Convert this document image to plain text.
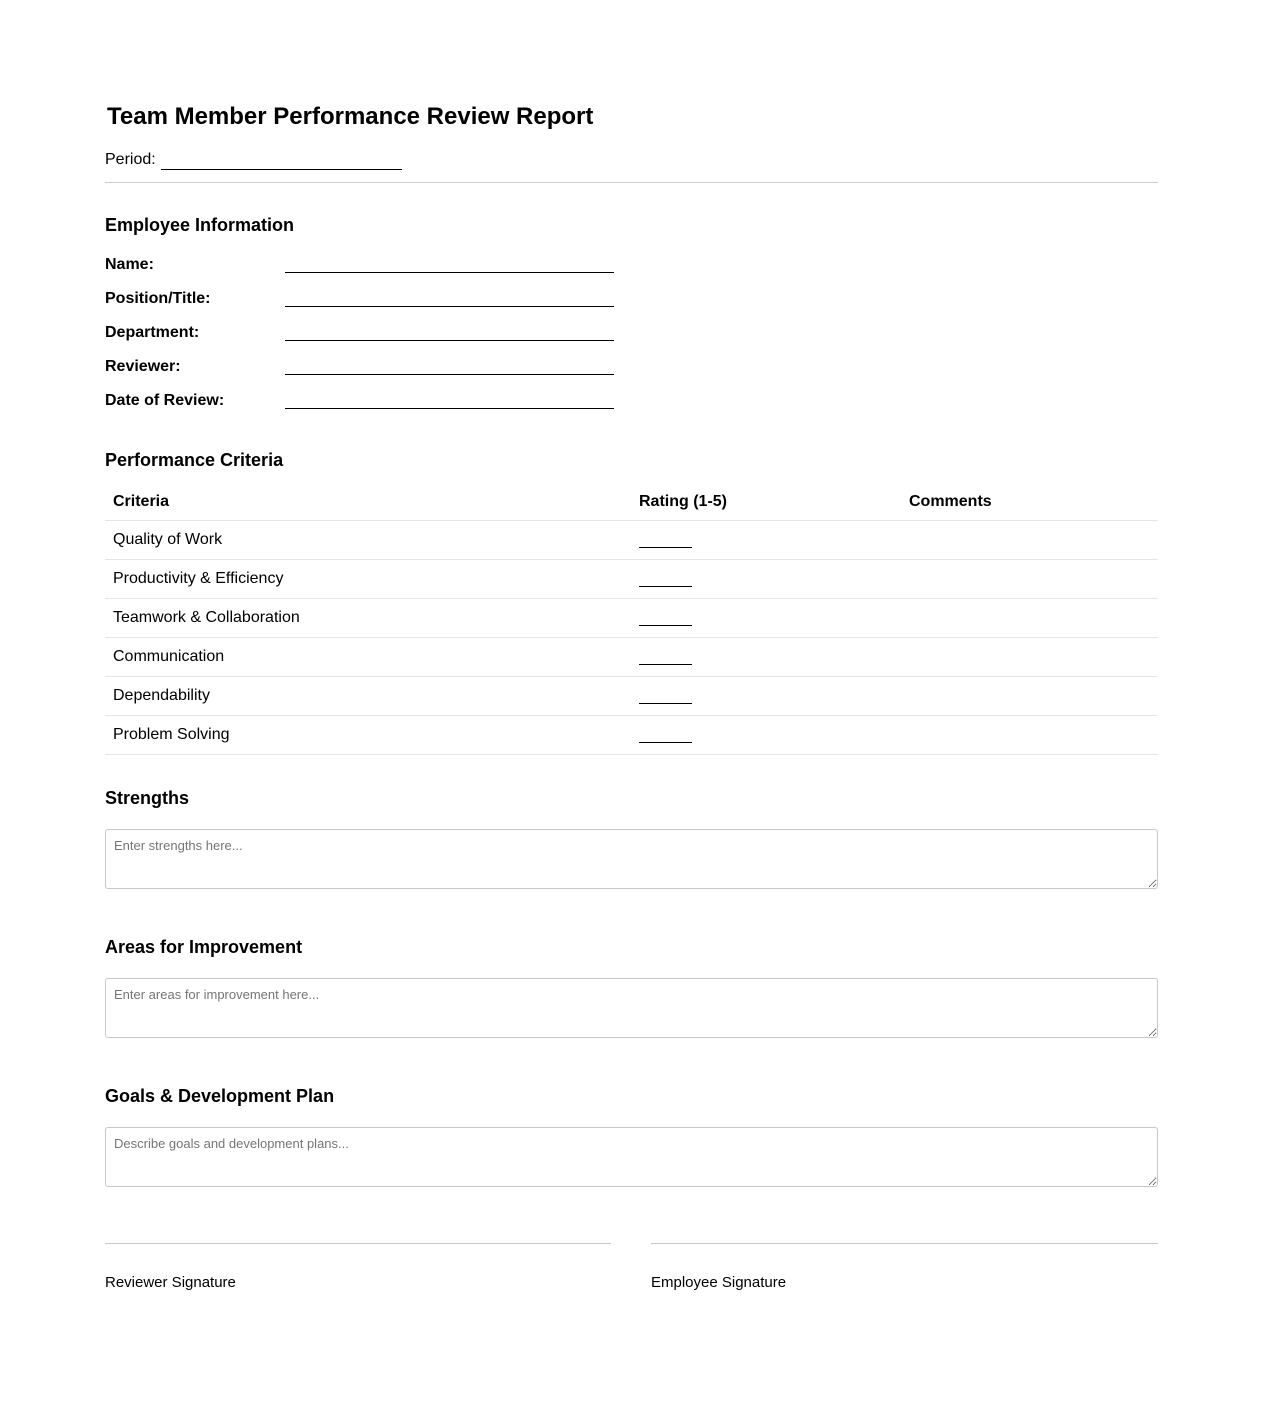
Team Member Performance Review Report
Period:
Employee Information
Name:
Position/Title:
Department:
Reviewer:
Date of Review:
Performance Criteria
Criteria	Rating (1-5)	Comments
Quality of Work
Productivity & Efficiency
Teamwork & Collaboration
Communication
Dependability
Problem Solving
Strengths
Enter strengths here...
Areas for Improvement
Enter areas for improvement here...
Goals & Development Plan
Describe goals and development plans...
Reviewer Signature	Employee Signature
